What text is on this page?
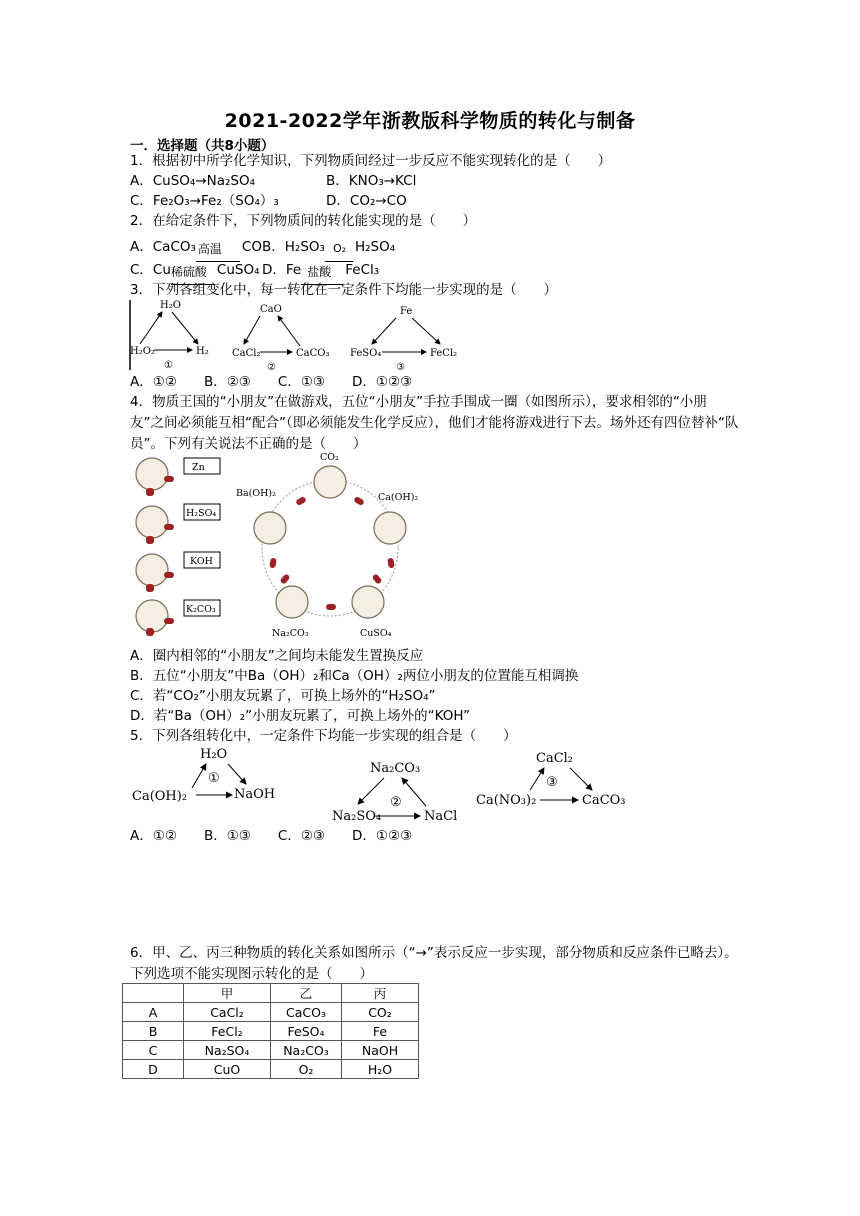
2021-2022学年浙教版科学物质的转化与制备
一．选择题（共8小题）
1．根据初中所学化学知识，下列物质间经过一步反应不能实现转化的是（　　）
A．CuSO₄→Na₂SO₄	B．KNO₃→KCl
C．Fe₂O₃→Fe₂（SO₄）₃	D．CO₂→CO
2．在给定条件下，下列物质间的转化能实现的是（　　）
A．CaCO₃ 高温 CO B．H₂SO₃ O₂ H₂SO₄
C．Cu 稀硫酸 CuSO₄ D．Fe 盐酸 FeCl₃
3．下列各组变化中，每一转化在一定条件下均能一步实现的是（　　）
H₂O
H₂O₂	H₂
①
CaO
CaCl₂	CaCO₃
②
Fe
FeSO₄	FeCl₂
③
A．①②　　B．②③　　C．①③　　D．①②③
4．物质王国的“小朋友”在做游戏，五位“小朋友”手拉手围成一圈（如图所示），要求相邻的“小朋友”之间必须能互相“配合”（即必须能发生化学反应），他们才能将游戏进行下去。场外还有四位替补“队员”。下列有关说法不正确的是（　　）
Zn
H₂SO₄
KOH
K₂CO₃
CO₂
Ca(OH)₂
CuSO₄
Na₂CO₃
Ba(OH)₂
A．圈内相邻的“小朋友”之间均未能发生置换反应
B．五位“小朋友”中Ba（OH）₂和Ca（OH）₂两位小朋友的位置能互相调换
C．若“CO₂”小朋友玩累了，可换上场外的“H₂SO₄”
D．若“Ba（OH）₂”小朋友玩累了，可换上场外的“KOH”
5．下列各组转化中，一定条件下均能一步实现的组合是（　　）
H₂O
①
Ca(OH)₂	NaOH
Na₂CO₃
②
Na₂SO₄	NaCl
CaCl₂
③
Ca(NO₃)₂	CaCO₃
A．①②　　B．①③　　C．②③　　D．①②③
6．甲、乙、丙三种物质的转化关系如图所示（“→”表示反应一步实现，部分物质和反应条件已略去）。下列选项不能实现图示转化的是（　　）
	甲	乙	丙
A	CaCl₂	CaCO₃	CO₂
B	FeCl₂	FeSO₄	Fe
C	Na₂SO₄	Na₂CO₃	NaOH
D	CuO	O₂	H₂O
